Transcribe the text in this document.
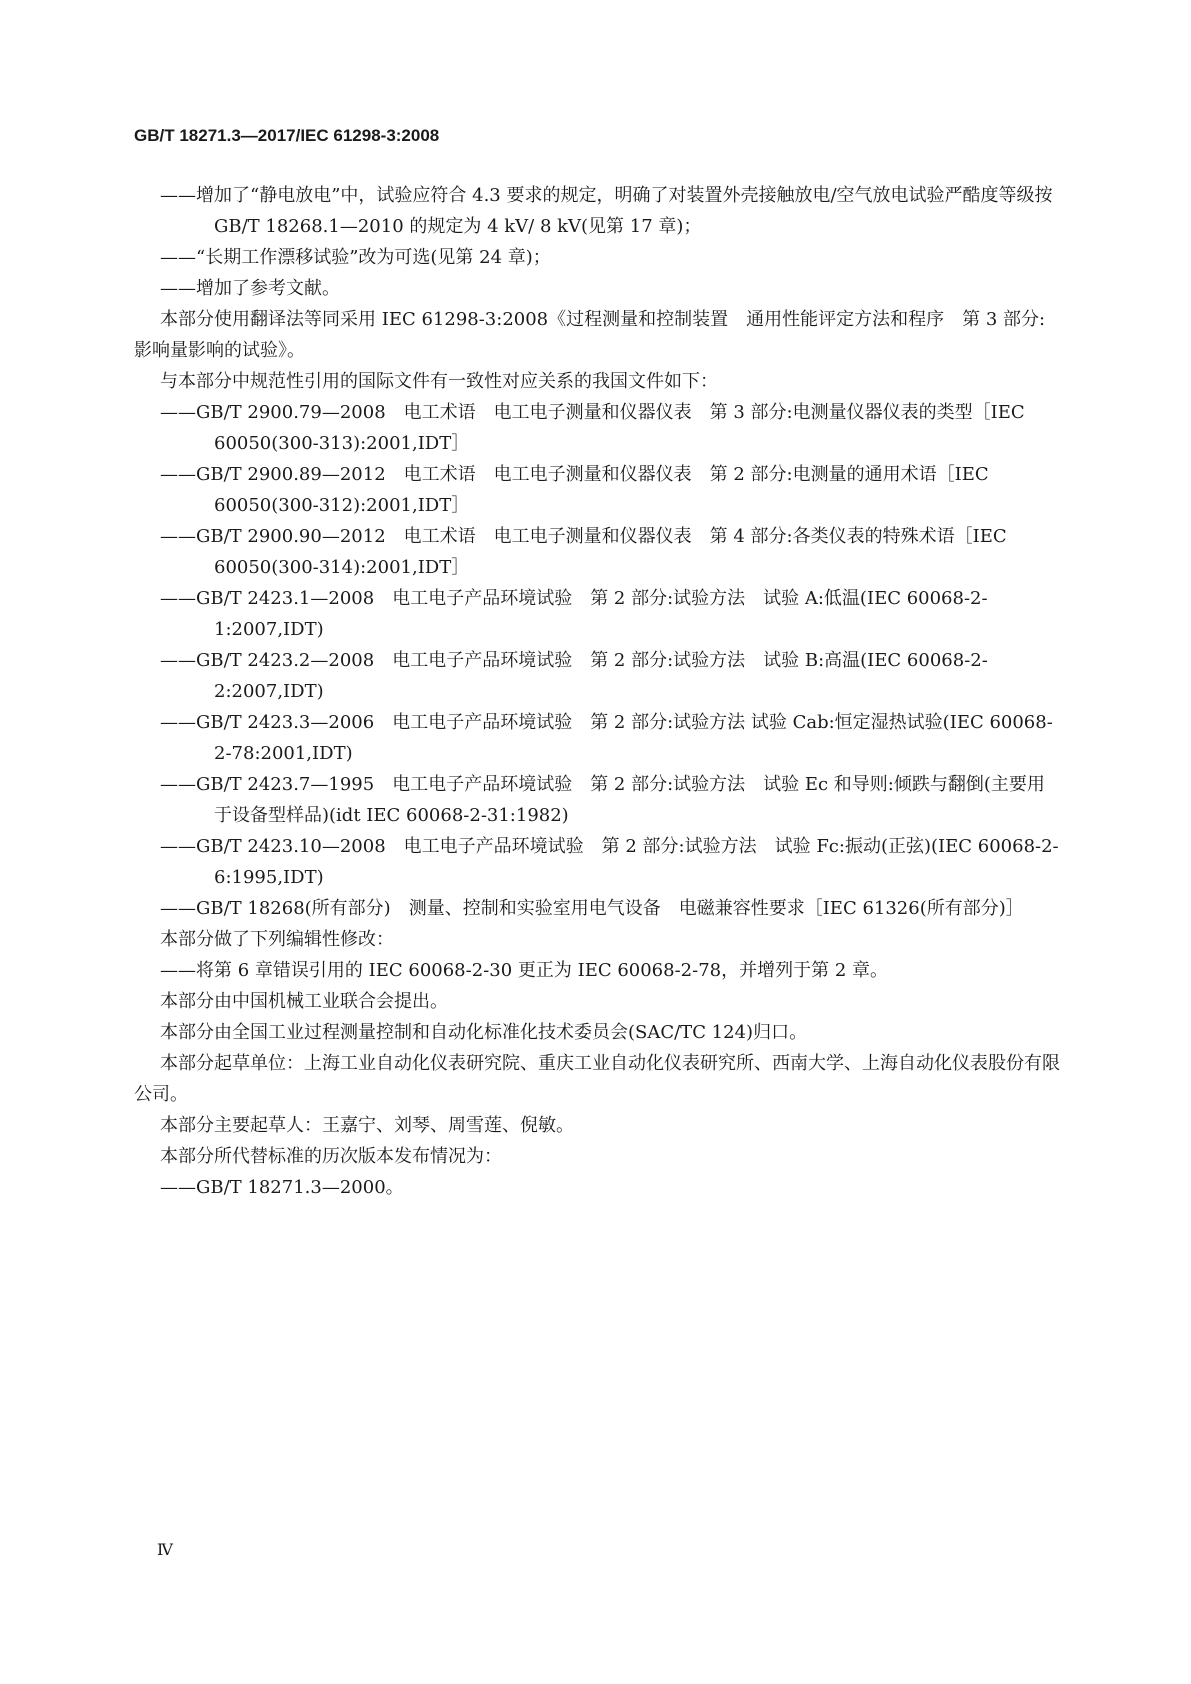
GB/T 18271.3—2017/IEC 61298-3:2008

——增加了“静电放电”中，试验应符合 4.3 要求的规定，明确了对装置外壳接触放电/空气放电试验严酷度等级按 GB/T 18268.1—2010 的规定为 4 kV/ 8 kV(见第 17 章)；

——“长期工作漂移试验”改为可选(见第 24 章)；

——增加了参考文献。

本部分使用翻译法等同采用 IEC 61298-3:2008《过程测量和控制装置　通用性能评定方法和程序　第 3 部分:影响量影响的试验》。

与本部分中规范性引用的国际文件有一致性对应关系的我国文件如下：

——GB/T 2900.79—2008　电工术语　电工电子测量和仪器仪表　第 3 部分:电测量仪器仪表的类型［IEC 60050(300-313):2001,IDT］

——GB/T 2900.89—2012　电工术语　电工电子测量和仪器仪表　第 2 部分:电测量的通用术语［IEC 60050(300-312):2001,IDT］

——GB/T 2900.90—2012　电工术语　电工电子测量和仪器仪表　第 4 部分:各类仪表的特殊术语［IEC 60050(300-314):2001,IDT］

——GB/T 2423.1—2008　电工电子产品环境试验　第 2 部分:试验方法　试验 A:低温(IEC 60068-2-1:2007,IDT)

——GB/T 2423.2—2008　电工电子产品环境试验　第 2 部分:试验方法　试验 B:高温(IEC 60068-2-2:2007,IDT)

——GB/T 2423.3—2006　电工电子产品环境试验　第 2 部分:试验方法 试验 Cab:恒定湿热试验(IEC 60068-2-78:2001,IDT)

——GB/T 2423.7—1995　电工电子产品环境试验　第 2 部分:试验方法　试验 Ec 和导则:倾跌与翻倒(主要用于设备型样品)(idt IEC 60068-2-31:1982)

——GB/T 2423.10—2008　电工电子产品环境试验　第 2 部分:试验方法　试验 Fc:振动(正弦)(IEC 60068-2-6:1995,IDT)

——GB/T 18268(所有部分)　测量、控制和实验室用电气设备　电磁兼容性要求［IEC 61326(所有部分)］

本部分做了下列编辑性修改：

——将第 6 章错误引用的 IEC 60068-2-30 更正为 IEC 60068-2-78，并增列于第 2 章。

本部分由中国机械工业联合会提出。

本部分由全国工业过程测量控制和自动化标准化技术委员会(SAC/TC 124)归口。

本部分起草单位：上海工业自动化仪表研究院、重庆工业自动化仪表研究所、西南大学、上海自动化仪表股份有限公司。

本部分主要起草人：王嘉宁、刘琴、周雪莲、倪敏。

本部分所代替标准的历次版本发布情况为：

——GB/T 18271.3—2000。

Ⅳ
